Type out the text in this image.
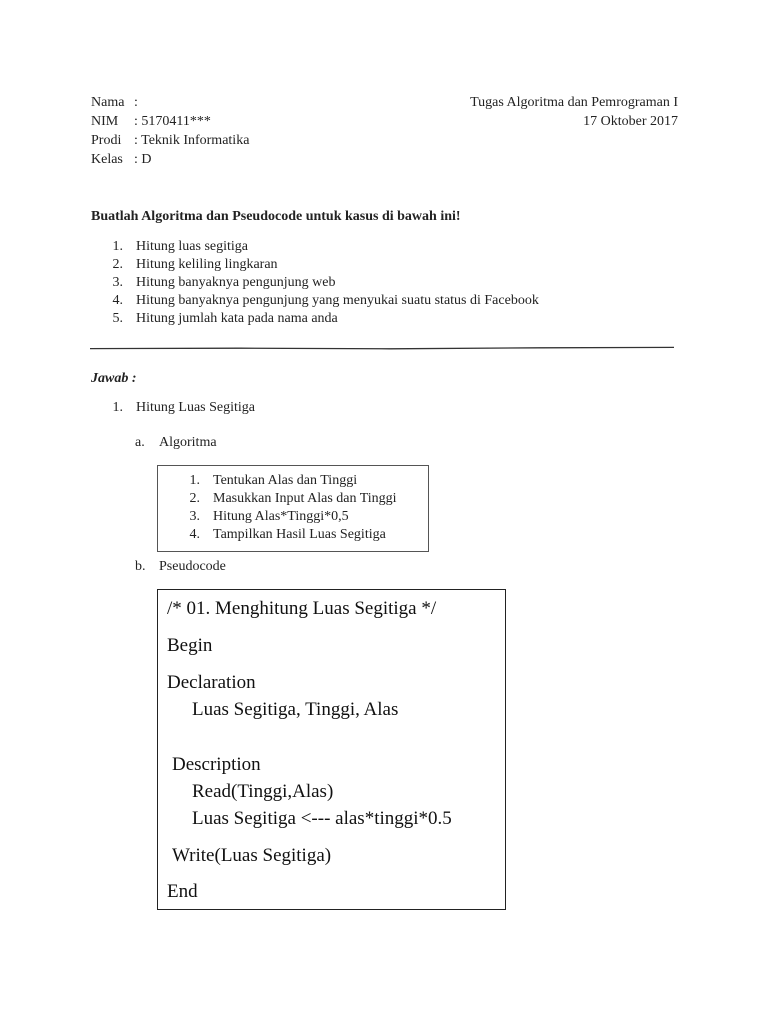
Nama :
NIM : 5170411***
Prodi : Teknik Informatika
Kelas : D
Tugas Algoritma dan Pemrograman I
17 Oktober 2017
Buatlah Algoritma dan Pseudocode untuk kasus di bawah ini!
1. Hitung luas segitiga
2. Hitung keliling lingkaran
3. Hitung banyaknya pengunjung web
4. Hitung banyaknya pengunjung yang menyukai suatu status di Facebook
5. Hitung jumlah kata pada nama anda
Jawab :
1. Hitung Luas Segitiga
a. Algoritma
1. Tentukan Alas dan Tinggi
2. Masukkan Input Alas dan Tinggi
3. Hitung Alas*Tinggi*0,5
4. Tampilkan Hasil Luas Segitiga
b. Pseudocode
/* 01. Menghitung Luas Segitiga */
Begin
Declaration
Luas Segitiga, Tinggi, Alas
Description
Read(Tinggi,Alas)
Luas Segitiga <--- alas*tinggi*0.5
Write(Luas Segitiga)
End
